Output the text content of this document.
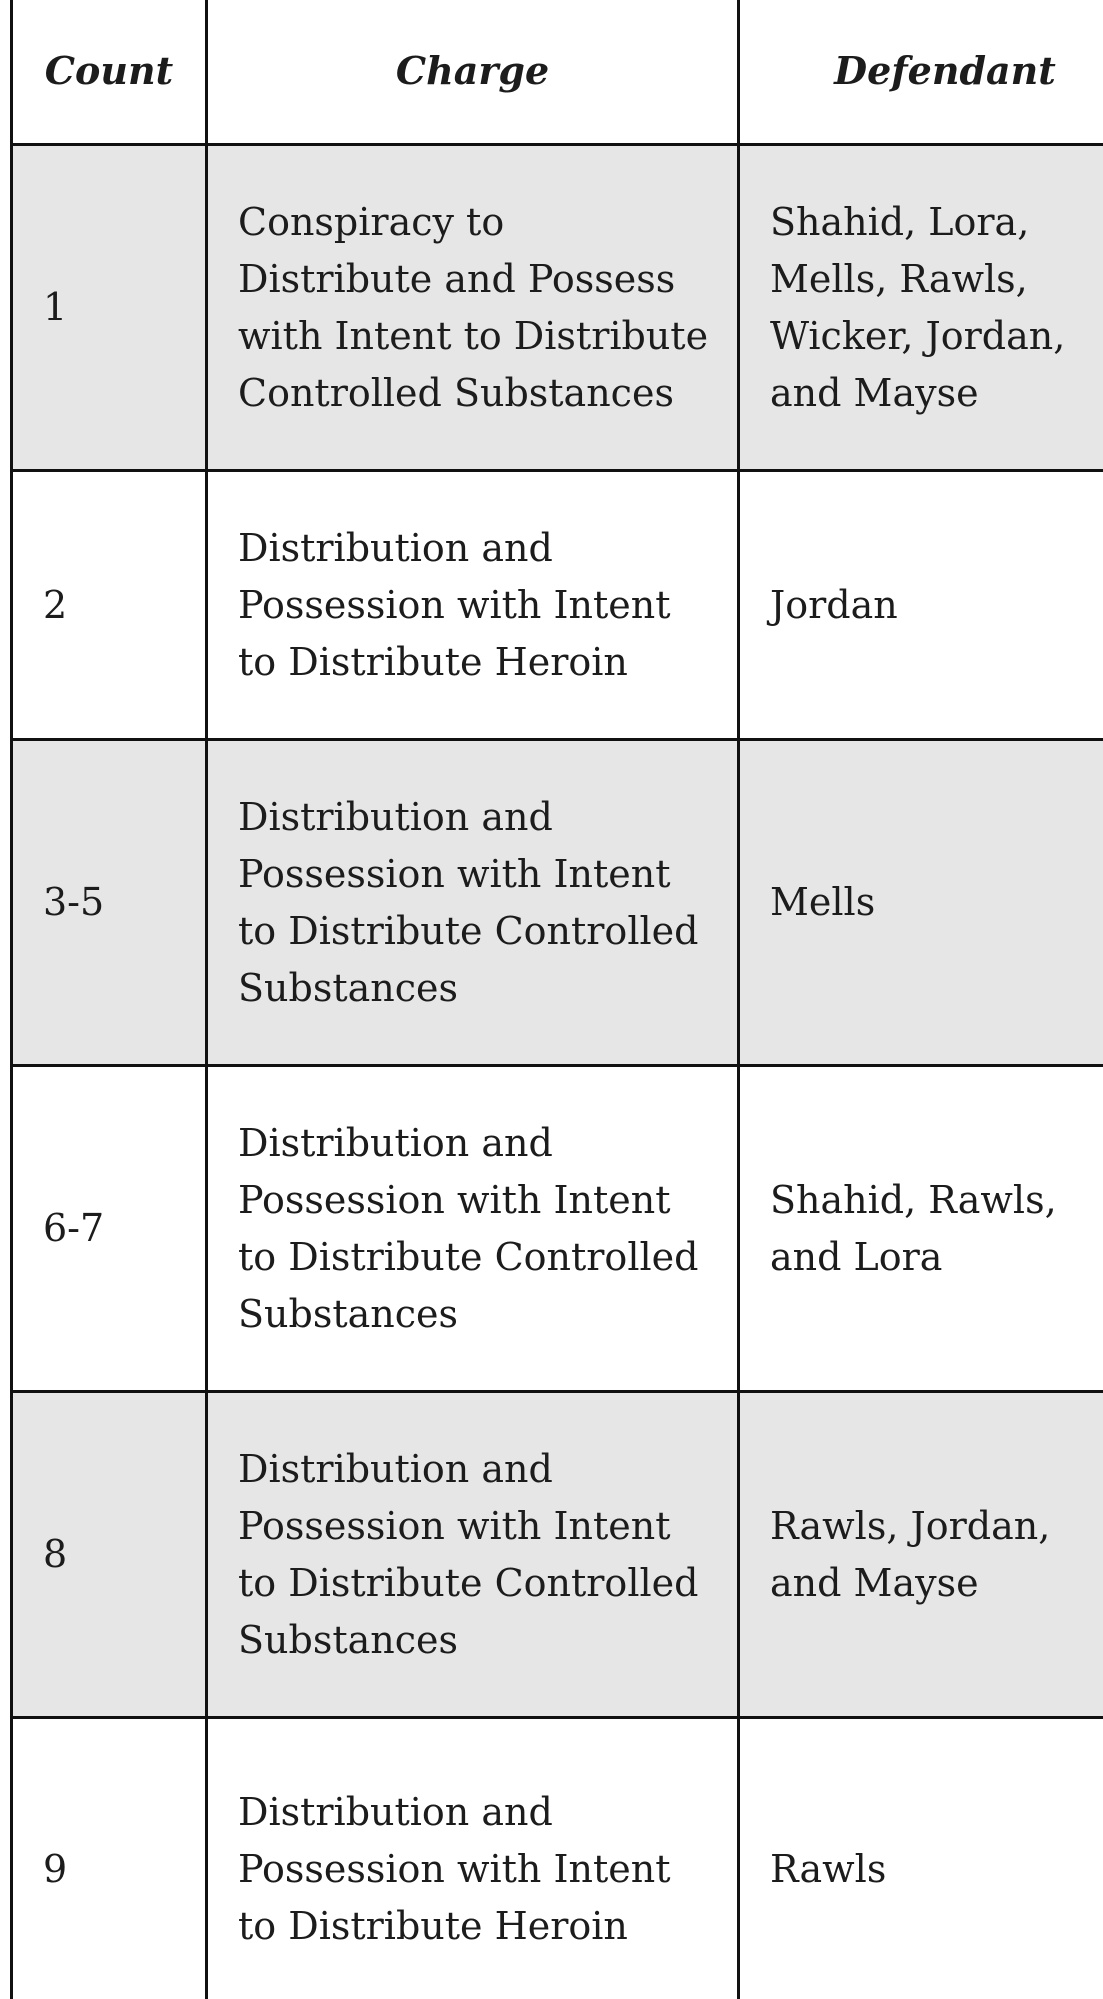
Count	Charge	Defendant
1	Conspiracy to Distribute and Possess with Intent to Distribute Controlled Substances	Shahid, Lora, Mells, Rawls, Wicker, Jordan, and Mayse
2	Distribution and Possession with Intent to Distribute Heroin	Jordan
3-5	Distribution and Possession with Intent to Distribute Controlled Substances	Mells
6-7	Distribution and Possession with Intent to Distribute Controlled Substances	Shahid, Rawls, and Lora
8	Distribution and Possession with Intent to Distribute Controlled Substances	Rawls, Jordan, and Mayse
9	Distribution and Possession with Intent to Distribute Heroin	Rawls
